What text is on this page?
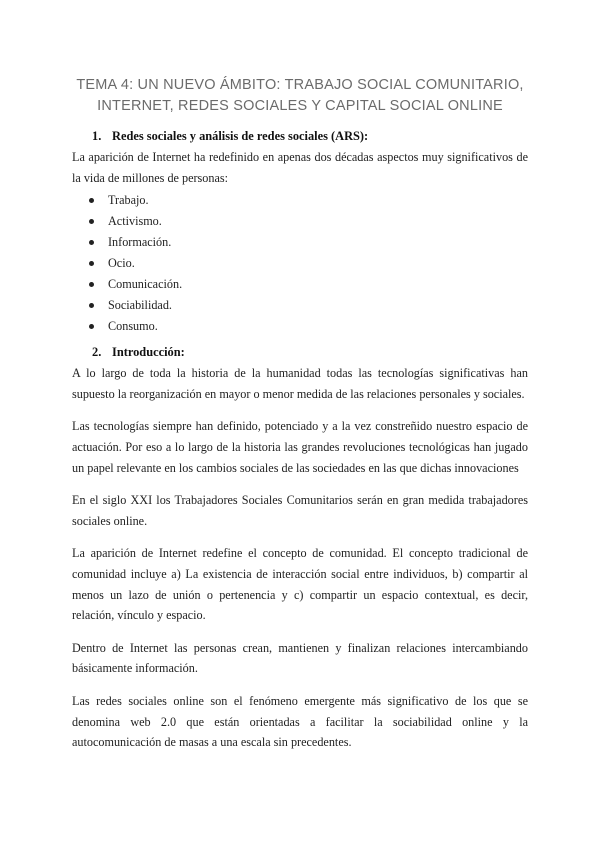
TEMA 4: UN NUEVO ÁMBITO: TRABAJO SOCIAL COMUNITARIO,
INTERNET, REDES SOCIALES Y CAPITAL SOCIAL ONLINE
1. Redes sociales y análisis de redes sociales (ARS):

La aparición de Internet ha redefinido en apenas dos décadas aspectos muy significativos de la vida de millones de personas:

Trabajo.
Activismo.
Información.
Ocio.
Comunicación.
Sociabilidad.
Consumo.
2. Introducción:

A lo largo de toda la historia de la humanidad todas las tecnologías significativas han supuesto la reorganización en mayor o menor medida de las relaciones personales y sociales.

Las tecnologías siempre han definido, potenciado y a la vez constreñido nuestro espacio de actuación. Por eso a lo largo de la historia las grandes revoluciones tecnológicas han jugado un papel relevante en los cambios sociales de las sociedades en las que dichas innovaciones

En el siglo XXI los Trabajadores Sociales Comunitarios serán en gran medida trabajadores sociales online.

La aparición de Internet redefine el concepto de comunidad. El concepto tradicional de comunidad incluye a) La existencia de interacción social entre individuos, b) compartir al menos un lazo de unión o pertenencia y c) compartir un espacio contextual, es decir, relación, vínculo y espacio.

Dentro de Internet las personas crean, mantienen y finalizan relaciones intercambiando básicamente información.

Las redes sociales online son el fenómeno emergente más significativo de los que se denomina web 2.0 que están orientadas a facilitar la sociabilidad online y la autocomunicación de masas a una escala sin precedentes.
